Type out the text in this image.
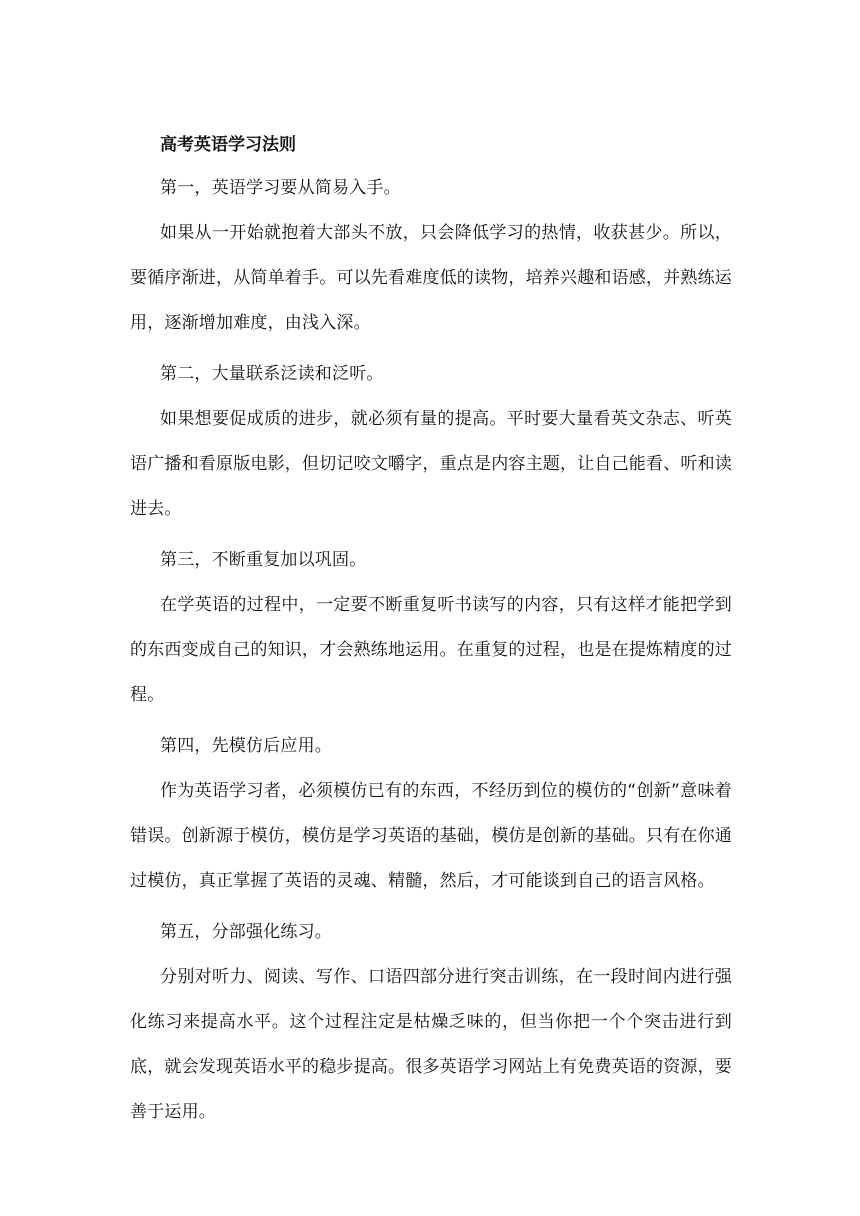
高考英语学习法则

第一，英语学习要从简易入手。

如果从一开始就抱着大部头不放，只会降低学习的热情，收获甚少。所以，要循序渐进，从简单着手。可以先看难度低的读物，培养兴趣和语感，并熟练运用，逐渐增加难度，由浅入深。

第二，大量联系泛读和泛听。

如果想要促成质的进步，就必须有量的提高。平时要大量看英文杂志、听英语广播和看原版电影，但切记咬文嚼字，重点是内容主题，让自己能看、听和读进去。

第三，不断重复加以巩固。

在学英语的过程中，一定要不断重复听书读写的内容，只有这样才能把学到的东西变成自己的知识，才会熟练地运用。在重复的过程，也是在提炼精度的过程。

第四，先模仿后应用。

作为英语学习者，必须模仿已有的东西，不经历到位的模仿的“创新”意味着错误。创新源于模仿，模仿是学习英语的基础，模仿是创新的基础。只有在你通过模仿，真正掌握了英语的灵魂、精髓，然后，才可能谈到自己的语言风格。

第五，分部强化练习。

分别对听力、阅读、写作、口语四部分进行突击训练，在一段时间内进行强化练习来提高水平。这个过程注定是枯燥乏味的，但当你把一个个突击进行到底，就会发现英语水平的稳步提高。很多英语学习网站上有免费英语的资源，要善于运用。
